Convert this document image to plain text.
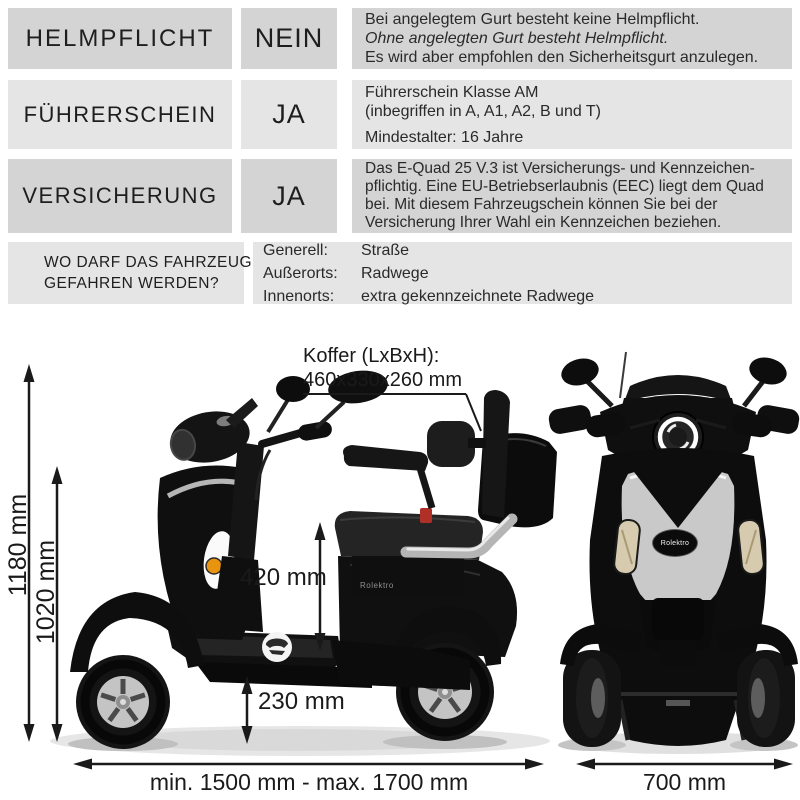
HELMPFLICHT	NEIN
Bei angelegtem Gurt besteht keine Helmpflicht.
Ohne angelegten Gurt besteht Helmpflicht.
Es wird aber empfohlen den Sicherheitsgurt anzulegen.
FÜHRERSCHEIN	JA
Führerschein Klasse AM
(inbegriffen in A, A1, A2, B und T)
Mindestalter: 16 Jahre
VERSICHERUNG	JA
Das E-Quad 25 V.3 ist Versicherungs- und Kennzeichen-
pflichtig. Eine EU-Betriebserlaubnis (EEC) liegt dem Quad
bei. Mit diesem Fahrzeugschein können Sie bei der
Versicherung Ihrer Wahl ein Kennzeichen beziehen.
WO DARF DAS FAHRZEUG
GEFAHREN WERDEN?
Generell:	Straße
Außerorts:	Radwege
Innenorts:	extra gekennzeichnete Radwege
Koffer (LxBxH):
460x330x260 mm
1180 mm 1020 mm	420 mm
230 mm
min. 1500 mm - max. 1700 mm	700 mm
Rolektro
Rolektro
